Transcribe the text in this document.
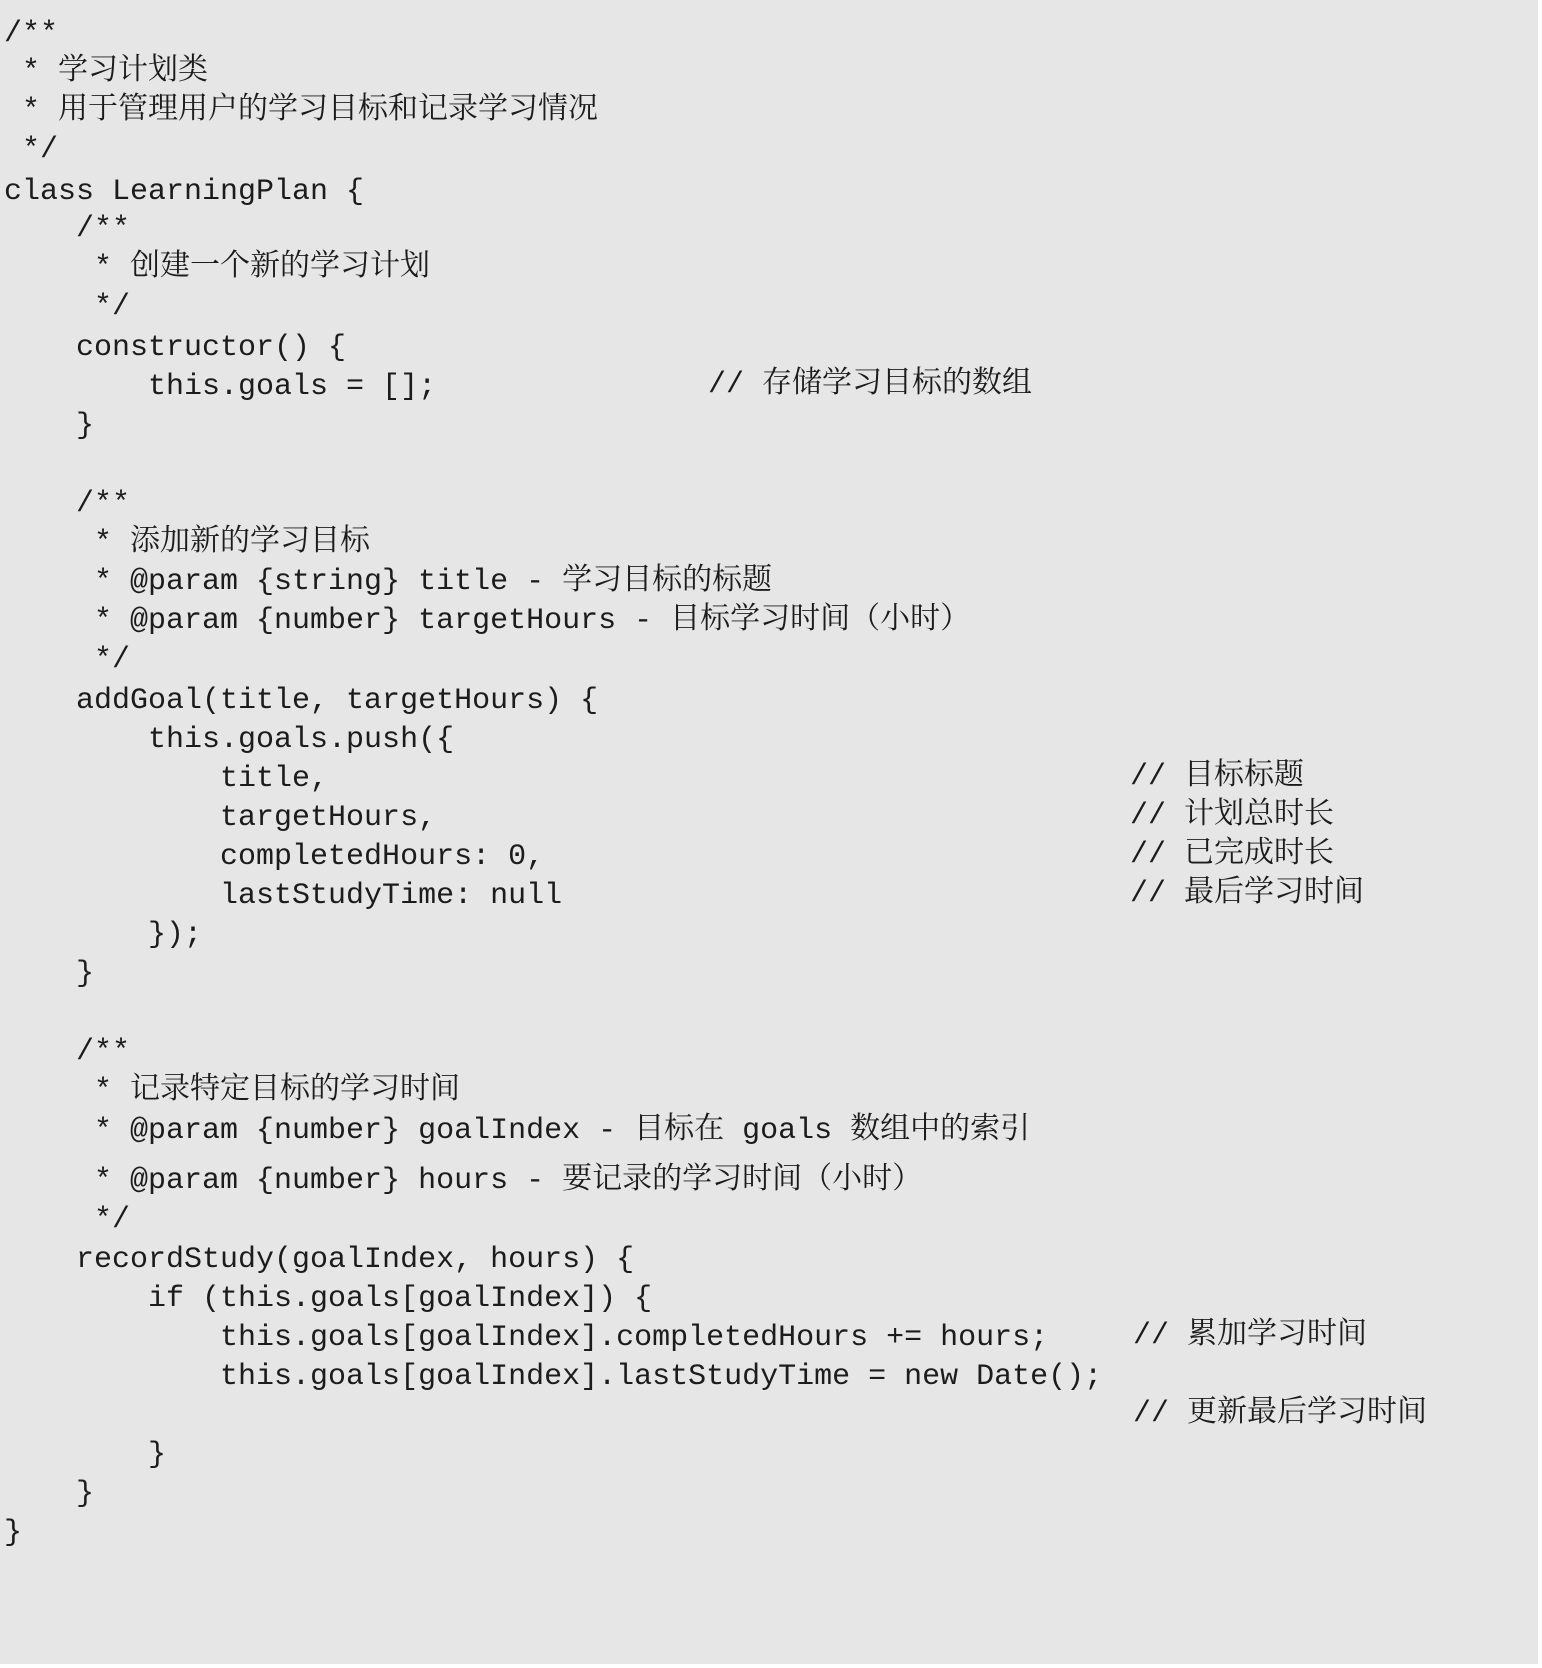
/**
* 学习计划类
* 用于管理用户的学习目标和记录学习情况
*/
class LearningPlan {
/**
* 创建一个新的学习计划
*/
constructor() {
this.goals = [];
}
/**
* 添加新的学习目标
* @param {string} title - 学习目标的标题
* @param {number} targetHours - 目标学习时间（小时）
*/
addGoal(title, targetHours) {
this.goals.push({
title,
targetHours,
completedHours: 0,
lastStudyTime: null
});
}
/**
* 记录特定目标的学习时间
* @param {number} goalIndex - 目标在 goals 数组中的索引
* @param {number} hours - 要记录的学习时间（小时）
*/
recordStudy(goalIndex, hours) {
if (this.goals[goalIndex]) {
this.goals[goalIndex].completedHours += hours;
this.goals[goalIndex].lastStudyTime = new Date();
}
}
}
// 存储学习目标的数组
// 目标标题
// 计划总时长
// 已完成时长
// 最后学习时间
// 累加学习时间
// 更新最后学习时间
